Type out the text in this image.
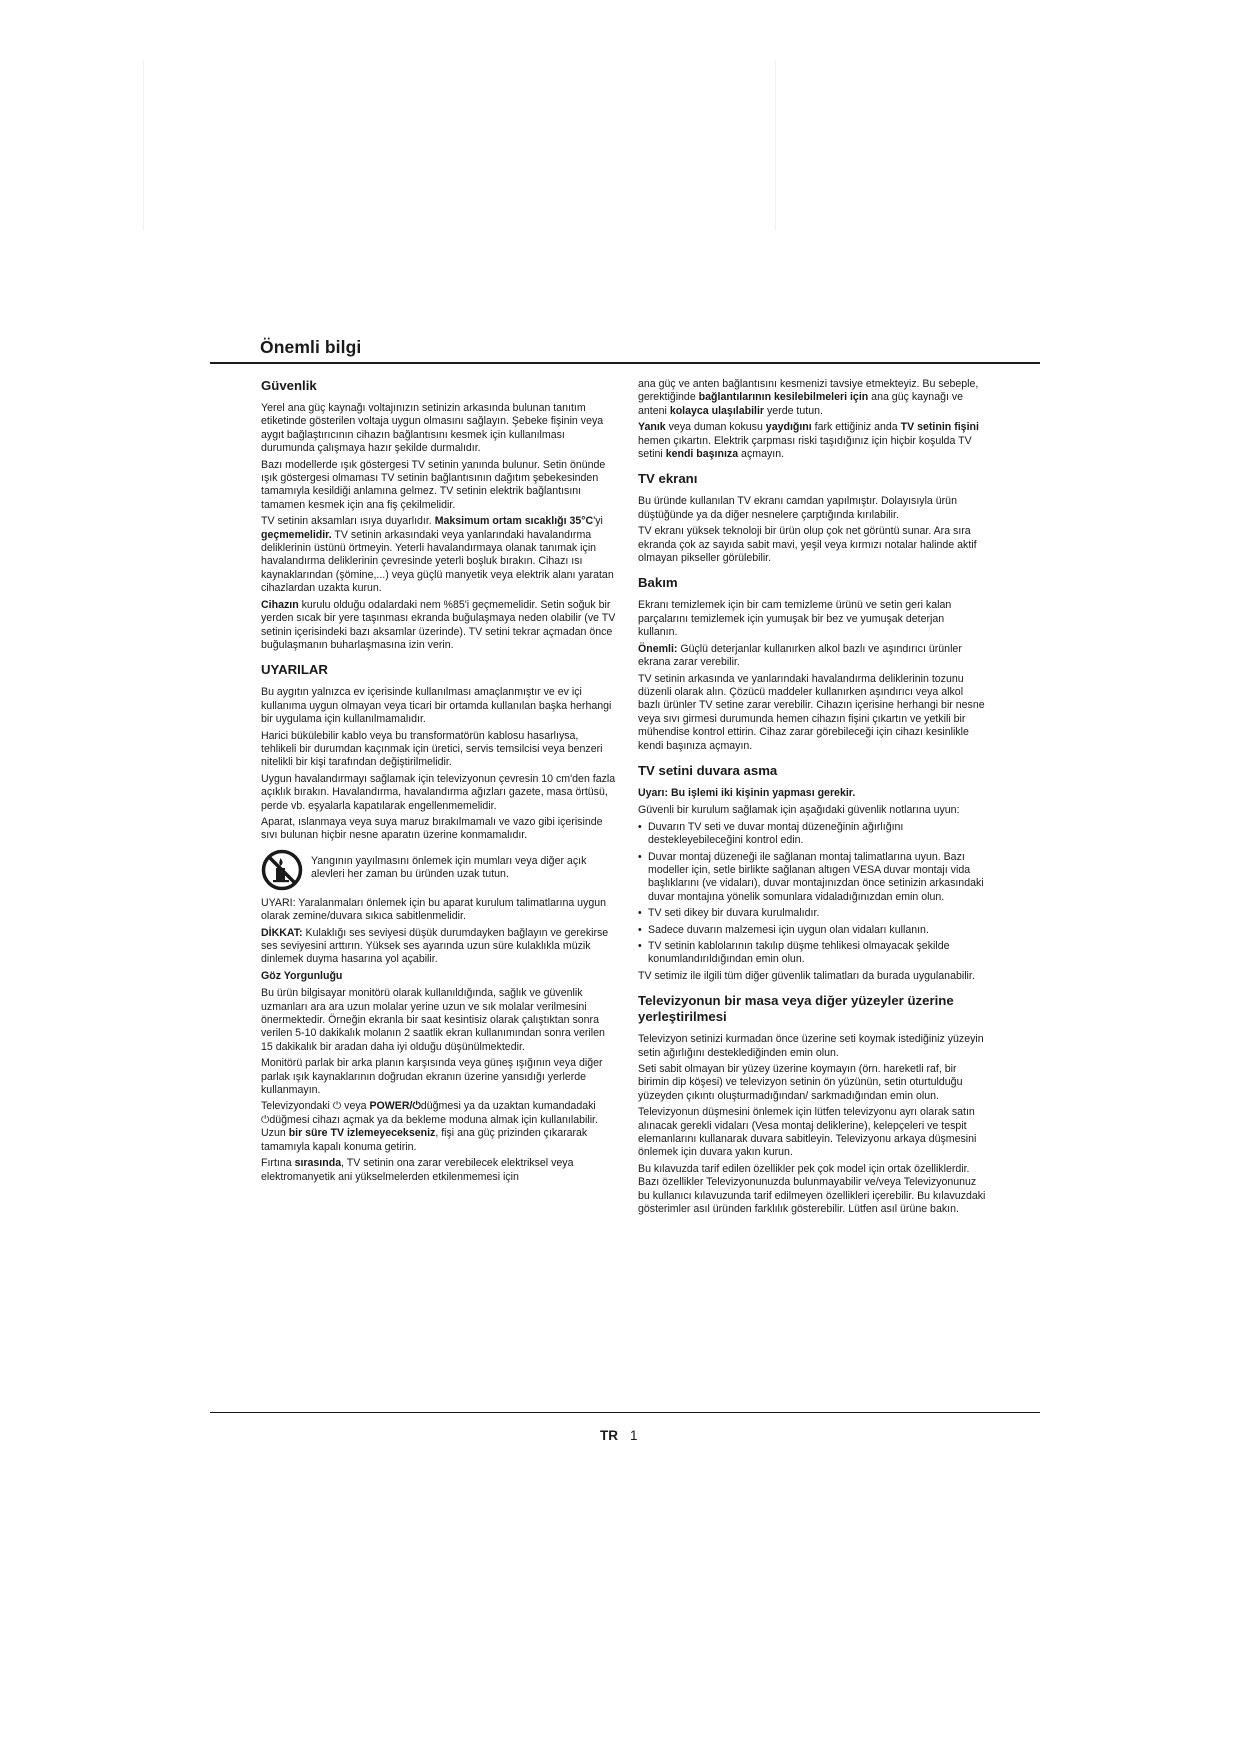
Önemli bilgi
Güvenlik

Yerel ana güç kaynağı voltajınızın setinizin arkasında bulunan tanıtım etiketinde gösterilen voltaja uygun olmasını sağlayın. Şebeke fişinin veya aygıt bağlaştırıcının cihazın bağlantısını kesmek için kullanılması durumunda çalışmaya hazır şekilde durmalıdır.

Bazı modellerde ışık göstergesi TV setinin yanında bulunur. Setin önünde ışık göstergesi olmaması TV setinin bağlantısının dağıtım şebekesinden tamamıyla kesildiği anlamına gelmez. TV setinin elektrik bağlantısını tamamen kesmek için ana fiş çekilmelidir.

TV setinin aksamları ısıya duyarlıdır. Maksimum ortam sıcaklığı 35°C'yi geçmemelidir. TV setinin arkasındaki veya yanlarındaki havalandırma deliklerinin üstünü örtmeyin. Yeterli havalandırmaya olanak tanımak için havalandırma deliklerinin çevresinde yeterli boşluk bırakın. Cihazı ısı kaynaklarından (şömine,...) veya güçlü manyetik veya elektrik alanı yaratan cihazlardan uzakta kurun.

Cihazın kurulu olduğu odalardaki nem %85'i geçmemelidir. Setin soğuk bir yerden sıcak bir yere taşınması ekranda buğulaşmaya neden olabilir (ve TV setinin içerisindeki bazı aksamlar üzerinde). TV setini tekrar açmadan önce buğulaşmanın buharlaşmasına izin verin.

UYARILAR

Bu aygıtın yalnızca ev içerisinde kullanılması amaçlanmıştır ve ev içi kullanıma uygun olmayan veya ticari bir ortamda kullanılan başka herhangi bir uygulama için kullanılmamalıdır.

Harici bükülebilir kablo veya bu transformatörün kablosu hasarlıysa, tehlikeli bir durumdan kaçınmak için üretici, servis temsilcisi veya benzeri nitelikli bir kişi tarafından değiştirilmelidir.

Uygun havalandırmayı sağlamak için televizyonun çevresin 10 cm'den fazla açıklık bırakın. Havalandırma, havalandırma ağızları gazete, masa örtüsü, perde vb. eşyalarla kapatılarak engellenmemelidir.

Aparat, ıslanmaya veya suya maruz bırakılmamalı ve vazo gibi içerisinde sıvı bulunan hiçbir nesne aparatın üzerine konmamalıdır.

Yangının yayılmasını önlemek için mumları veya diğer açık alevleri her zaman bu üründen uzak tutun.

UYARI: Yaralanmaları önlemek için bu aparat kurulum talimatlarına uygun olarak zemine/duvara sıkıca sabitlenmelidir.

DİKKAT: Kulaklığı ses seviyesi düşük durumdayken bağlayın ve gerekirse ses seviyesini arttırın. Yüksek ses ayarında uzun süre kulaklıkla müzik dinlemek duyma hasarına yol açabilir.

Göz Yorgunluğu

Bu ürün bilgisayar monitörü olarak kullanıldığında, sağlık ve güvenlik uzmanları ara ara uzun molalar yerine uzun ve sık molalar verilmesini önermektedir. Örneğin ekranla bir saat kesintisiz olarak çalıştıktan sonra verilen 5-10 dakikalık molanın 2 saatlik ekran kullanımından sonra verilen 15 dakikalık bir aradan daha iyi olduğu düşünülmektedir.

Monitörü parlak bir arka planın karşısında veya güneş ışığının veya diğer parlak ışık kaynaklarının doğrudan ekranın üzerine yansıdığı yerlerde kullanmayın.

Televizyondaki ⏻ veya POWER/⏻düğmesi ya da uzaktan kumandadaki ⏻düğmesi cihazı açmak ya da bekleme moduna almak için kullanılabilir. Uzun bir süre TV izlemeyecekseniz, fişi ana güç prizinden çıkararak tamamıyla kapalı konuma getirin.

Fırtına sırasında, TV setinin ona zarar verebilecek elektriksel veya elektromanyetik ani yükselmelerden etkilenmemesi için

ana güç ve anten bağlantısını kesmenizi tavsiye etmekteyiz. Bu sebeple, gerektiğinde bağlantılarının kesilebilmeleri için ana güç kaynağı ve anteni kolayca ulaşılabilir yerde tutun.

Yanık veya duman kokusu yaydığını fark ettiğiniz anda TV setinin fişini hemen çıkartın. Elektrik çarpması riski taşıdığınız için hiçbir koşulda TV setini kendi başınıza açmayın.

TV ekranı

Bu üründe kullanılan TV ekranı camdan yapılmıştır. Dolayısıyla ürün düştüğünde ya da diğer nesnelere çarptığında kırılabilir.

TV ekranı yüksek teknoloji bir ürün olup çok net görüntü sunar. Ara sıra ekranda çok az sayıda sabit mavi, yeşil veya kırmızı notalar halinde aktif olmayan pikseller görülebilir.

Bakım

Ekranı temizlemek için bir cam temizleme ürünü ve setin geri kalan parçalarını temizlemek için yumuşak bir bez ve yumuşak deterjan kullanın.

Önemli: Güçlü deterjanlar kullanırken alkol bazlı ve aşındırıcı ürünler ekrana zarar verebilir.

TV setinin arkasında ve yanlarındaki havalandırma deliklerinin tozunu düzenli olarak alın. Çözücü maddeler kullanırken aşındırıcı veya alkol bazlı ürünler TV setine zarar verebilir. Cihazın içerisine herhangi bir nesne veya sıvı girmesi durumunda hemen cihazın fişini çıkartın ve yetkili bir mühendise kontrol ettirin. Cihaz zarar görebileceği için cihazı kesinlikle kendi başınıza açmayın.

TV setini duvara asma
Uyarı: Bu işlemi iki kişinin yapması gerekir.

Güvenli bir kurulum sağlamak için aşağıdaki güvenlik notlarına uyun:

• Duvarın TV seti ve duvar montaj düzeneğinin ağırlığını destekleyebileceğini kontrol edin.
• Duvar montaj düzeneği ile sağlanan montaj talimatlarına uyun. Bazı modeller için, setle birlikte sağlanan altıgen VESA duvar montajı vida başlıklarını (ve vidaları), duvar montajınızdan önce setinizin arkasındaki duvar montajına yönelik somunlara vidaladığınızdan emin olun.
• TV seti dikey bir duvara kurulmalıdır.
• Sadece duvarın malzemesi için uygun olan vidaları kullanın.
• TV setinin kablolarının takılıp düşme tehlikesi olmayacak şekilde konumlandırıldığından emin olun.

TV setimiz ile ilgili tüm diğer güvenlik talimatları da burada uygulanabilir.

Televizyonun bir masa veya diğer yüzeyler üzerine yerleştirilmesi

Televizyon setinizi kurmadan önce üzerine seti koymak istediğiniz yüzeyin setin ağırlığını desteklediğinden emin olun.

Seti sabit olmayan bir yüzey üzerine koymayın (örn. hareketli raf, bir birimin dip köşesi) ve televizyon setinin ön yüzünün, setin oturtulduğu yüzeyden çıkıntı oluşturmadığından/ sarkmadığından emin olun.

Televizyonun düşmesini önlemek için lütfen televizyonu ayrı olarak satın alınacak gerekli vidaları (Vesa montaj deliklerine), kelepçeleri ve tespit elemanlarını kullanarak duvara sabitleyin. Televizyonu arkaya düşmesini önlemek için duvara yakın kurun.

Bu kılavuzda tarif edilen özellikler pek çok model için ortak özelliklerdir. Bazı özellikler Televizyonunuzda bulunmayabilir ve/veya Televizyonunuz bu kullanıcı kılavuzunda tarif edilmeyen özellikleri içerebilir. Bu kılavuzdaki gösterimler asıl üründen farklılık gösterebilir. Lütfen asıl ürüne bakın.

TR 1
